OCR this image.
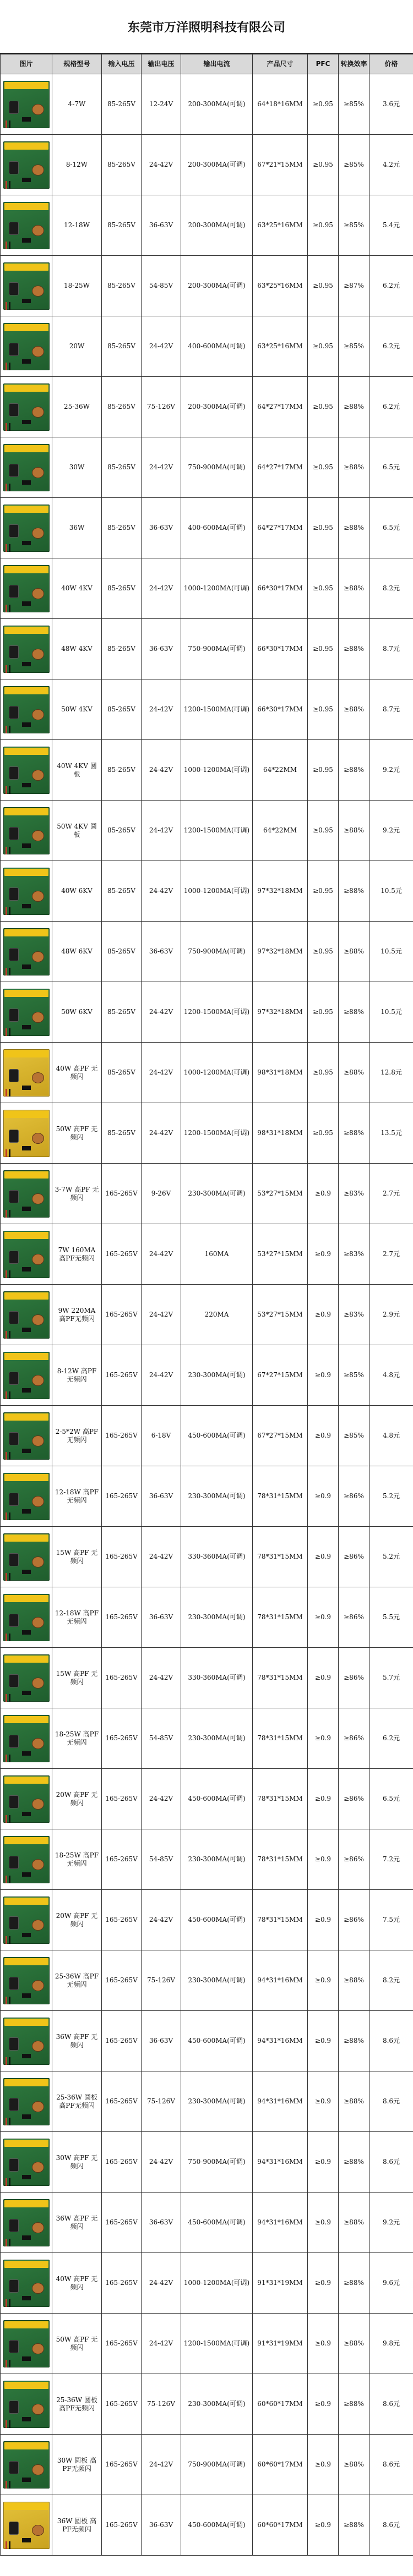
东莞市万洋照明科技有限公司
图片	规格型号	输入电压	输出电压	输出电流	产品尺寸	PFC	转换效率	价格

	4-7W	85-265V	12-24V	200-300MA(可调)	64*18*16MM	≥0.95	≥85%	3.6元

	8-12W	85-265V	24-42V	200-300MA(可调)	67*21*15MM	≥0.95	≥85%	4.2元

	12-18W	85-265V	36-63V	200-300MA(可调)	63*25*16MM	≥0.95	≥85%	5.4元

	18-25W	85-265V	54-85V	200-300MA(可调)	63*25*16MM	≥0.95	≥87%	6.2元

	20W	85-265V	24-42V	400-600MA(可调)	63*25*16MM	≥0.95	≥85%	6.2元

	25-36W	85-265V	75-126V	200-300MA(可调)	64*27*17MM	≥0.95	≥88%	6.2元

	30W	85-265V	24-42V	750-900MA(可调)	64*27*17MM	≥0.95	≥88%	6.5元

	36W	85-265V	36-63V	400-600MA(可调)	64*27*17MM	≥0.95	≥88%	6.5元

	40W 4KV	85-265V	24-42V	1000-1200MA(可调)	66*30*17MM	≥0.95	≥88%	8.2元

	48W 4KV	85-265V	36-63V	750-900MA(可调)	66*30*17MM	≥0.95	≥88%	8.7元

	50W 4KV	85-265V	24-42V	1200-1500MA(可调)	66*30*17MM	≥0.95	≥88%	8.7元

	40W 4KV 圆板	85-265V	24-42V	1000-1200MA(可调)	64*22MM	≥0.95	≥88%	9.2元

	50W 4KV 圆板	85-265V	24-42V	1200-1500MA(可调)	64*22MM	≥0.95	≥88%	9.2元

	40W 6KV	85-265V	24-42V	1000-1200MA(可调)	97*32*18MM	≥0.95	≥88%	10.5元

	48W 6KV	85-265V	36-63V	750-900MA(可调)	97*32*18MM	≥0.95	≥88%	10.5元

	50W 6KV	85-265V	24-42V	1200-1500MA(可调)	97*32*18MM	≥0.95	≥88%	10.5元

	40W 高PF 无频闪	85-265V	24-42V	1000-1200MA(可调)	98*31*18MM	≥0.95	≥88%	12.8元

	50W 高PF 无频闪	85-265V	24-42V	1200-1500MA(可调)	98*31*18MM	≥0.95	≥88%	13.5元

	3-7W 高PF 无频闪	165-265V	9-26V	230-300MA(可调)	53*27*15MM	≥0.9	≥83%	2.7元

	7W 160MA 高PF无频闪	165-265V	24-42V	160MA	53*27*15MM	≥0.9	≥83%	2.7元

	9W 220MA 高PF无频闪	165-265V	24-42V	220MA	53*27*15MM	≥0.9	≥83%	2.9元

	8-12W 高PF 无频闪	165-265V	24-42V	230-300MA(可调)	67*27*15MM	≥0.9	≥85%	4.8元

	2-5*2W 高PF无频闪	165-265V	6-18V	450-600MA(可调)	67*27*15MM	≥0.9	≥85%	4.8元

	12-18W 高PF 无频闪	165-265V	36-63V	230-300MA(可调)	78*31*15MM	≥0.9	≥86%	5.2元

	15W 高PF 无频闪	165-265V	24-42V	330-360MA(可调)	78*31*15MM	≥0.9	≥86%	5.2元

	12-18W 高PF 无频闪	165-265V	36-63V	230-300MA(可调)	78*31*15MM	≥0.9	≥86%	5.5元

	15W 高PF 无频闪	165-265V	24-42V	330-360MA(可调)	78*31*15MM	≥0.9	≥86%	5.7元

	18-25W 高PF无频闪	165-265V	54-85V	230-300MA(可调)	78*31*15MM	≥0.9	≥86%	6.2元

	20W 高PF 无频闪	165-265V	24-42V	450-600MA(可调)	78*31*15MM	≥0.9	≥86%	6.5元

	18-25W 高PF 无频闪	165-265V	54-85V	230-300MA(可调)	78*31*15MM	≥0.9	≥86%	7.2元

	20W 高PF 无频闪	165-265V	24-42V	450-600MA(可调)	78*31*15MM	≥0.9	≥86%	7.5元

	25-36W 高PF 无频闪	165-265V	75-126V	230-300MA(可调)	94*31*16MM	≥0.9	≥88%	8.2元

	36W 高PF 无频闪	165-265V	36-63V	450-600MA(可调)	94*31*16MM	≥0.9	≥88%	8.6元

	25-36W 圆板 高PF无频闪	165-265V	75-126V	230-300MA(可调)	94*31*16MM	≥0.9	≥88%	8.6元

	30W 高PF 无频闪	165-265V	24-42V	750-900MA(可调)	94*31*16MM	≥0.9	≥88%	8.6元

	36W 高PF 无频闪	165-265V	36-63V	450-600MA(可调)	94*31*16MM	≥0.9	≥88%	9.2元

	40W 高PF 无频闪	165-265V	24-42V	1000-1200MA(可调)	91*31*19MM	≥0.9	≥88%	9.6元

	50W 高PF 无频闪	165-265V	24-42V	1200-1500MA(可调)	91*31*19MM	≥0.9	≥88%	9.8元

	25-36W 圆板 高PF无频闪	165-265V	75-126V	230-300MA(可调)	60*60*17MM	≥0.9	≥88%	8.6元

	30W 圆板 高PF无频闪	165-265V	24-42V	750-900MA(可调)	60*60*17MM	≥0.9	≥88%	8.6元

	36W 圆板 高PF无频闪	165-265V	36-63V	450-600MA(可调)	60*60*17MM	≥0.9	≥88%	8.6元
